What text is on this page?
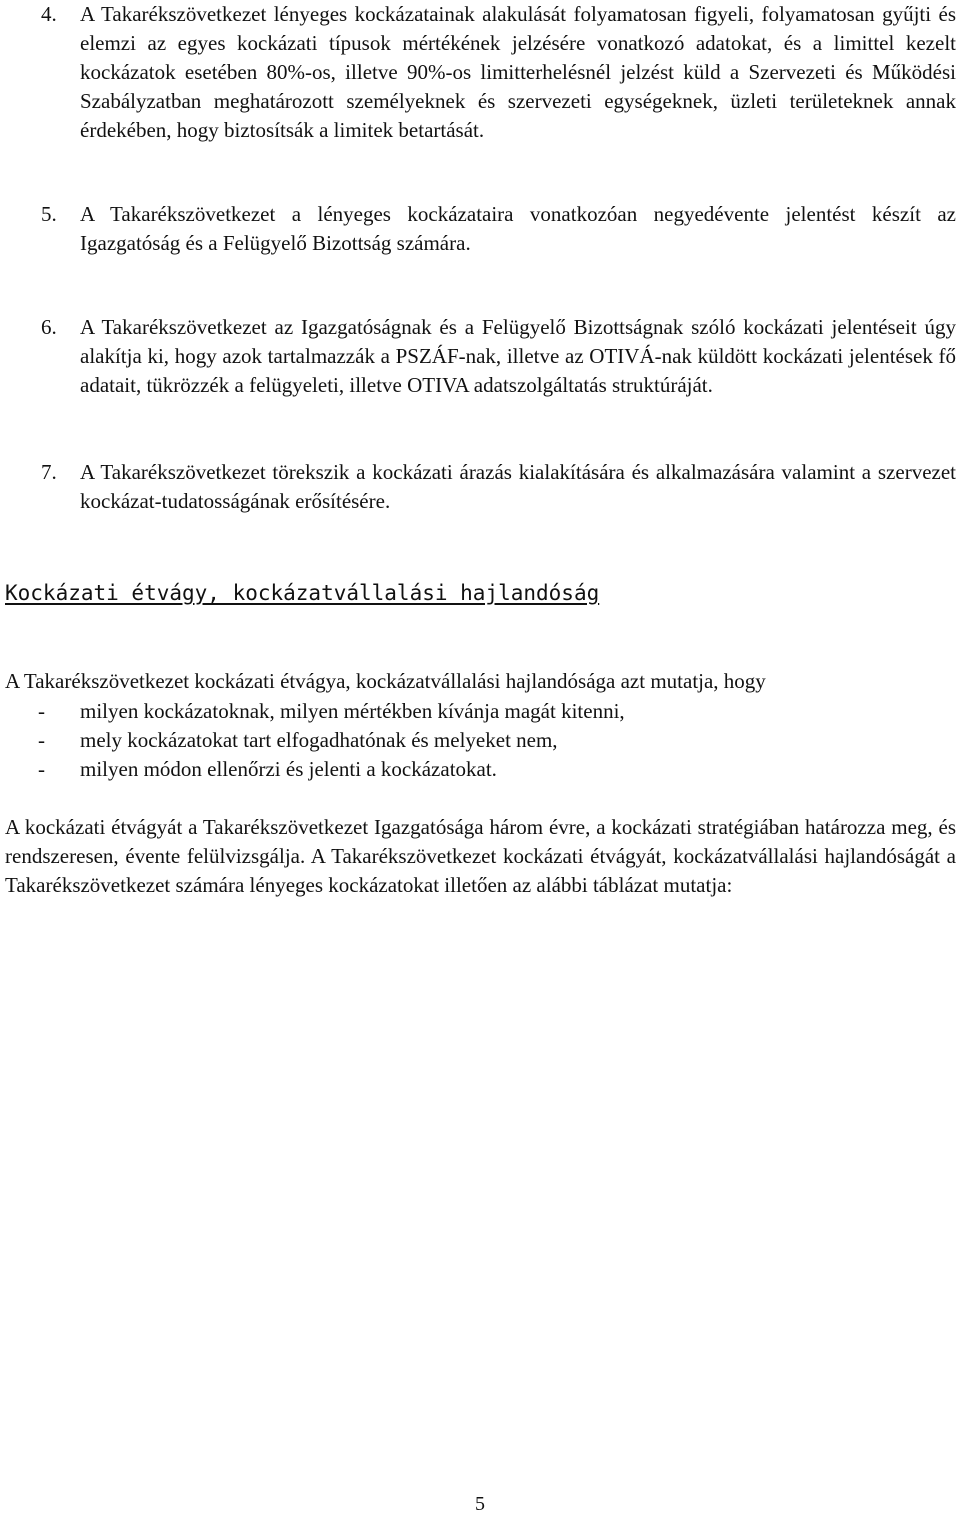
4.	A Takarékszövetkezet lényeges kockázatainak alakulását folyamatosan figyeli, folyamatosan gyűjti és elemzi az egyes kockázati típusok mértékének jelzésére vonatkozó adatokat, és a limittel kezelt kockázatok esetében 80%-os, illetve 90%-os limitterhelésnél jelzést küld a Szervezeti és Működési Szabályzatban meghatározott személyeknek és szervezeti egységeknek, üzleti területeknek annak érdekében, hogy biztosítsák a limitek betartását.
5.	A Takarékszövetkezet a lényeges kockázataira vonatkozóan negyedévente jelentést készít az Igazgatóság és a Felügyelő Bizottság számára.
6.	A Takarékszövetkezet az Igazgatóságnak és a Felügyelő Bizottságnak szóló kockázati jelentéseit úgy alakítja ki, hogy azok tartalmazzák a PSZÁF-nak, illetve az OTIVÁ-nak küldött kockázati jelentések fő adatait, tükrözzék a felügyeleti, illetve OTIVA adatszolgáltatás struktúráját.
7.	A Takarékszövetkezet törekszik a kockázati árazás kialakítására és alkalmazására valamint a szervezet kockázat-tudatosságának erősítésére.
Kockázati étvágy, kockázatvállalási hajlandóság
A Takarékszövetkezet kockázati étvágya, kockázatvállalási hajlandósága azt mutatja, hogy
-	milyen kockázatoknak, milyen mértékben kívánja magát kitenni,
-	mely kockázatokat tart elfogadhatónak és melyeket nem,
-	milyen módon ellenőrzi és jelenti a kockázatokat.
A kockázati étvágyát a Takarékszövetkezet Igazgatósága három évre, a kockázati stratégiában határozza meg, és rendszeresen, évente felülvizsgálja. A Takarékszövetkezet kockázati étvágyát, kockázatvállalási hajlandóságát a Takarékszövetkezet számára lényeges kockázatokat illetően az alábbi táblázat mutatja:
5
